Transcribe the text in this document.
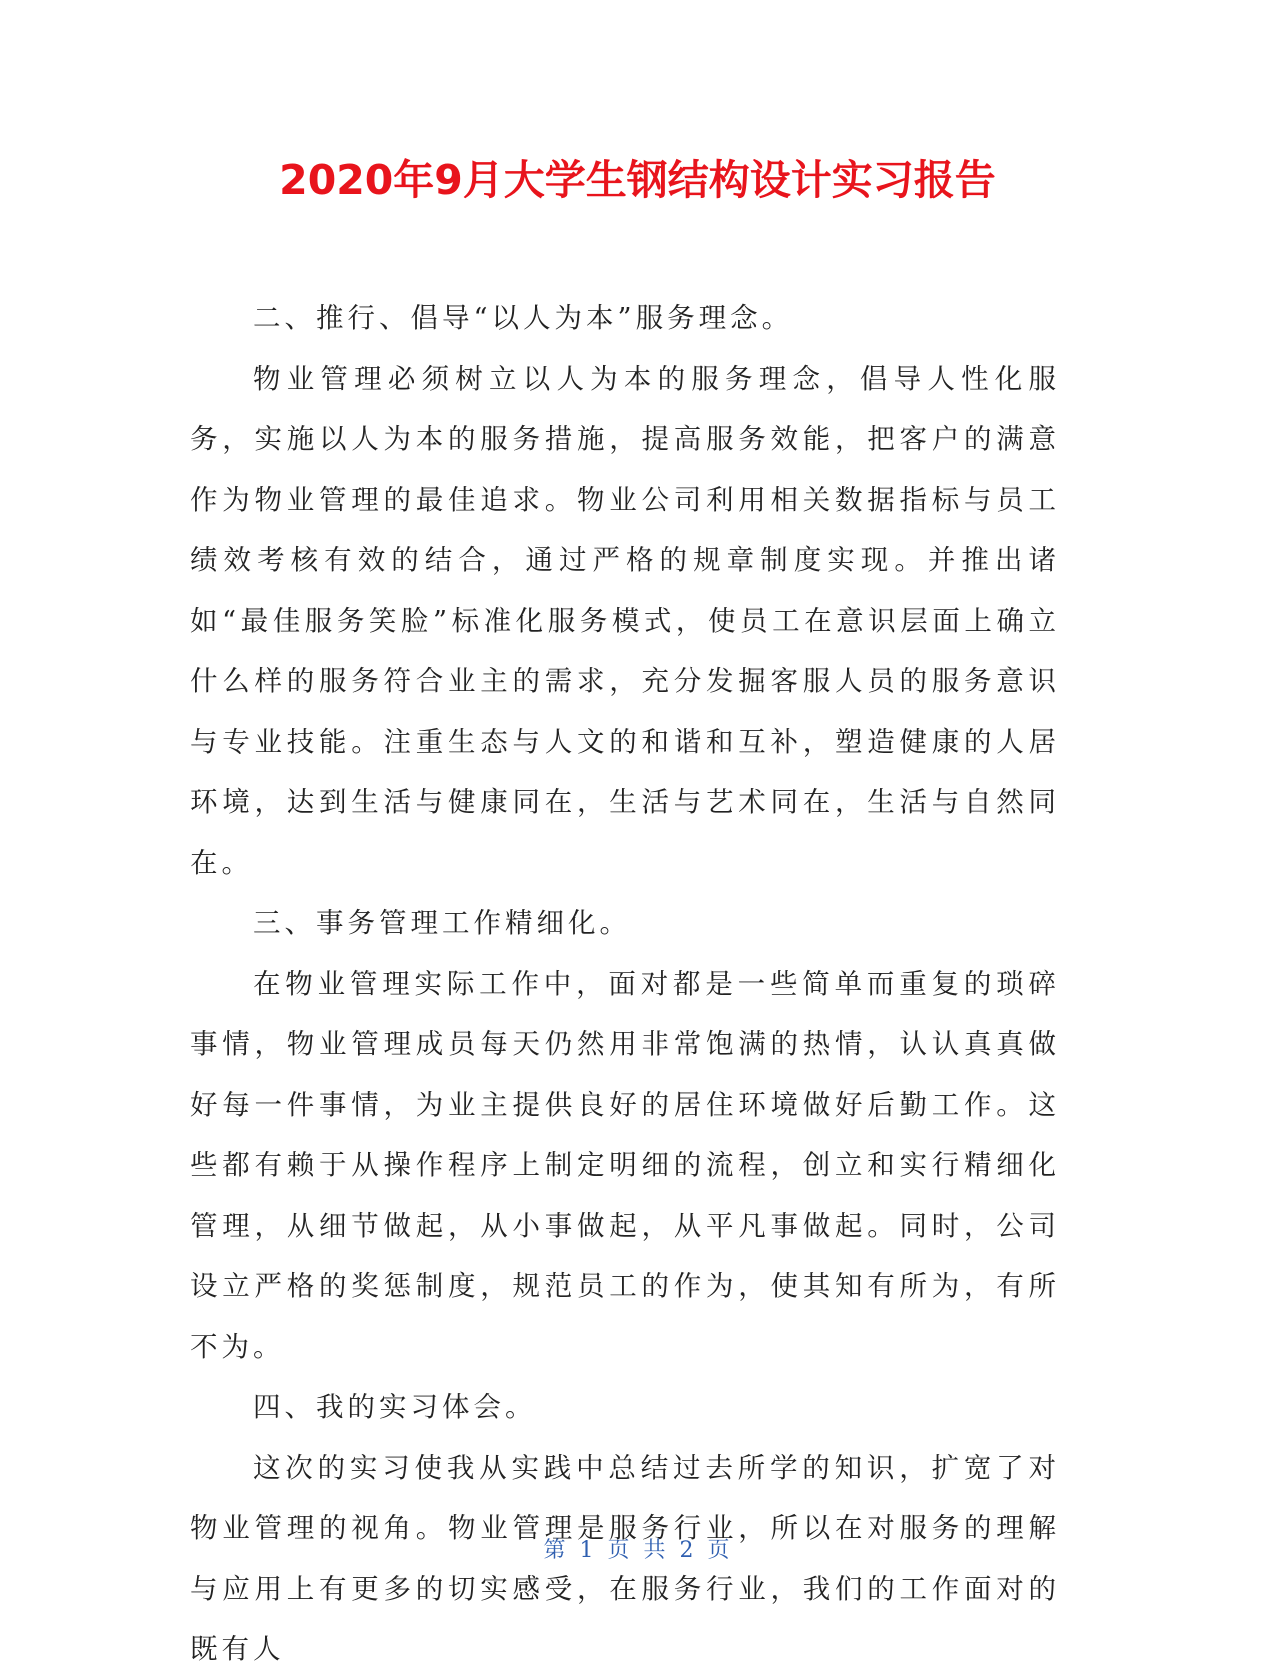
2020年9月大学生钢结构设计实习报告

二、推行、倡导“以人为本”服务理念。

物业管理必须树立以人为本的服务理念，倡导人性化服务，实施以人为本的服务措施，提高服务效能，把客户的满意作为物业管理的最佳追求。物业公司利用相关数据指标与员工绩效考核有效的结合，通过严格的规章制度实现。并推出诸如“最佳服务笑脸”标准化服务模式，使员工在意识层面上确立什么样的服务符合业主的需求，充分发掘客服人员的服务意识与专业技能。注重生态与人文的和谐和互补，塑造健康的人居环境，达到生活与健康同在，生活与艺术同在，生活与自然同在。

三、事务管理工作精细化。

在物业管理实际工作中，面对都是一些简单而重复的琐碎事情，物业管理成员每天仍然用非常饱满的热情，认认真真做好每一件事情，为业主提供良好的居住环境做好后勤工作。这些都有赖于从操作程序上制定明细的流程，创立和实行精细化管理，从细节做起，从小事做起，从平凡事做起。同时，公司设立严格的奖惩制度，规范员工的作为，使其知有所为，有所不为。

四、我的实习体会。

这次的实习使我从实践中总结过去所学的知识，扩宽了对物业管理的视角。物业管理是服务行业，所以在对服务的理解与应用上有更多的切实感受，在服务行业，我们的工作面对的既有人

第 1 页 共 2 页
